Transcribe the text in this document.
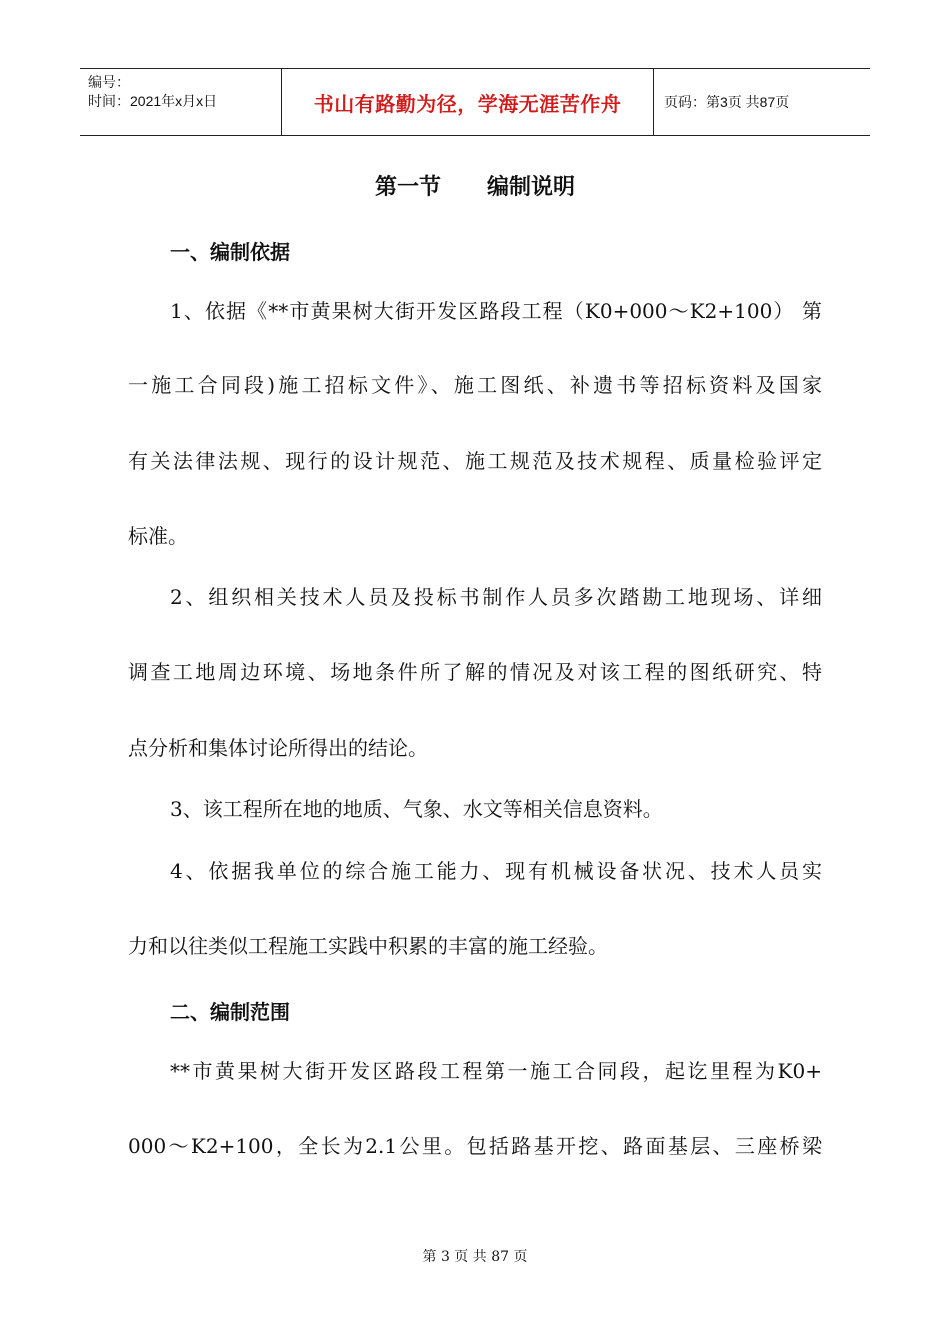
编号：
时间：2021年x月x日	书山有路勤为径，学海无涯苦作舟	页码：第3页 共87页
第一节      编制说明
一、编制依据
1、依据《**市黄果树大街开发区路段工程（K0+000～K2+100） 第
一施工合同段)施工招标文件》、施工图纸、补遗书等招标资料及国家
有关法律法规、现行的设计规范、施工规范及技术规程、质量检验评定
标准。
2、组织相关技术人员及投标书制作人员多次踏勘工地现场、详细
调查工地周边环境、场地条件所了解的情况及对该工程的图纸研究、特
点分析和集体讨论所得出的结论。
3、该工程所在地的地质、气象、水文等相关信息资料。
4、依据我单位的综合施工能力、现有机械设备状况、技术人员实
力和以往类似工程施工实践中积累的丰富的施工经验。
二、编制范围
**市黄果树大街开发区路段工程第一施工合同段，起讫里程为K0+
000～K2+100，全长为2.1公里。包括路基开挖、路面基层、三座桥梁
第 3 页 共 87 页
